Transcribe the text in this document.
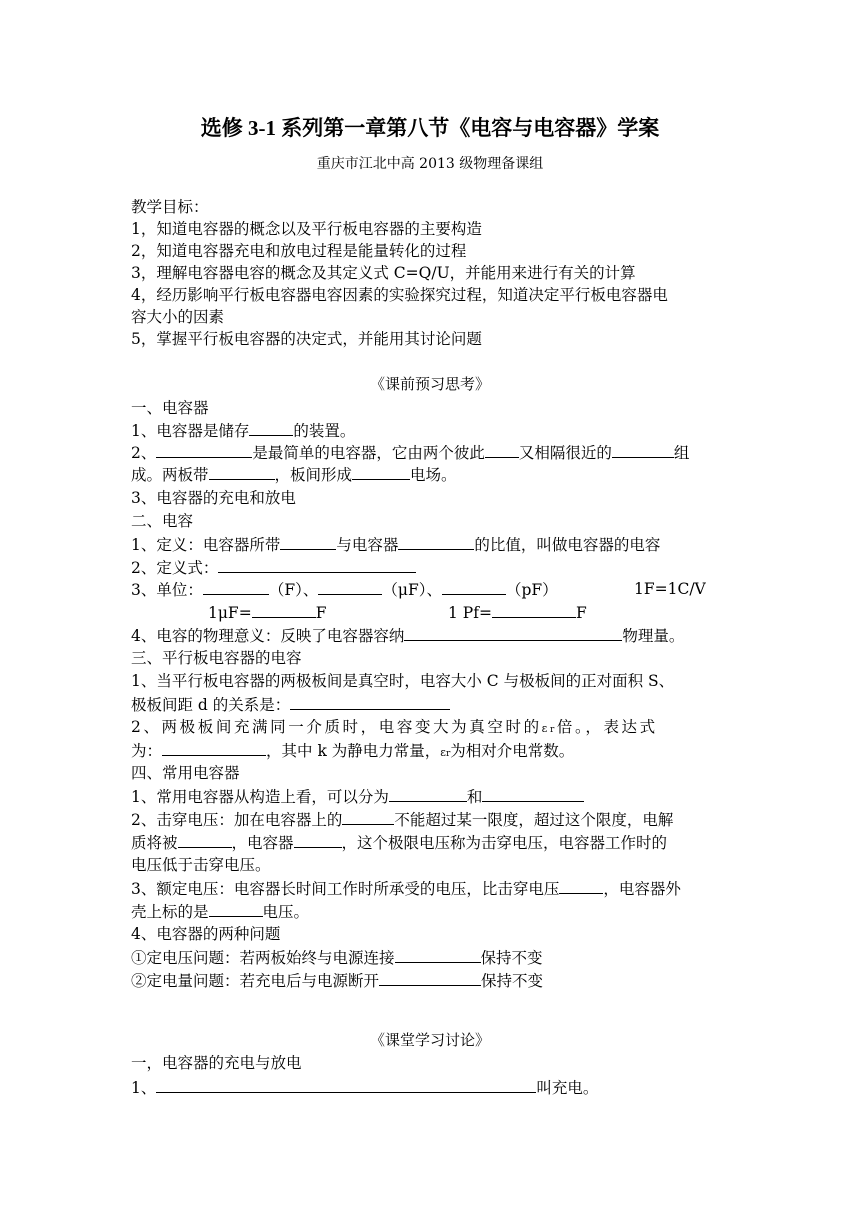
选修 3-1 系列第一章第八节《电容与电容器》学案
重庆市江北中高 2013 级物理备课组
教学目标：
1，知道电容器的概念以及平行板电容器的主要构造
2，知道电容器充电和放电过程是能量转化的过程
3，理解电容器电容的概念及其定义式 C=Q/U，并能用来进行有关的计算
4，经历影响平行板电容器电容因素的实验探究过程，知道决定平行板电容器电
容大小的因素
5，掌握平行板电容器的决定式，并能用其讨论问题
《课前预习思考》
一、电容器
1、电容器是储存	的装置。
2、	是最简单的电容器，它由两个彼此 又相隔很近的	组
成。两板带	，板间形成	电场。
3、电容器的充电和放电
二、电容
1、定义：电容器所带	与电容器	的比值，叫做电容器的电容
2、定义式：
3、单位：	（F）、	（μF）、	（pF）	1F=1C/V
1μF=	F	1 Pf=	F
4、电容的物理意义：反映了电容器容纳	物理量。
三、平行板电容器的电容
1、当平行板电容器的两极板间是真空时，电容大小 C 与极板间的正对面积 S、
极板间距 d 的关系是：
2、两极板间充满同一介质时，电容变大为真空时的εr倍。，表达式
为：	，其中 k 为静电力常量，εr为相对介电常数。
四、常用电容器
1、常用电容器从构造上看，可以分为	和
2、击穿电压：加在电容器上的	不能超过某一限度，超过这个限度，电解
质将被	，电容器	，这个极限电压称为击穿电压，电容器工作时的
电压低于击穿电压。
3、额定电压：电容器长时间工作时所承受的电压，比击穿电压	，电容器外
壳上标的是	电压。
4、电容器的两种问题
①定电压问题：若两板始终与电源连接	保持不变
②定电量问题：若充电后与电源断开	保持不变
《课堂学习讨论》
一，电容器的充电与放电
1、	叫充电。
